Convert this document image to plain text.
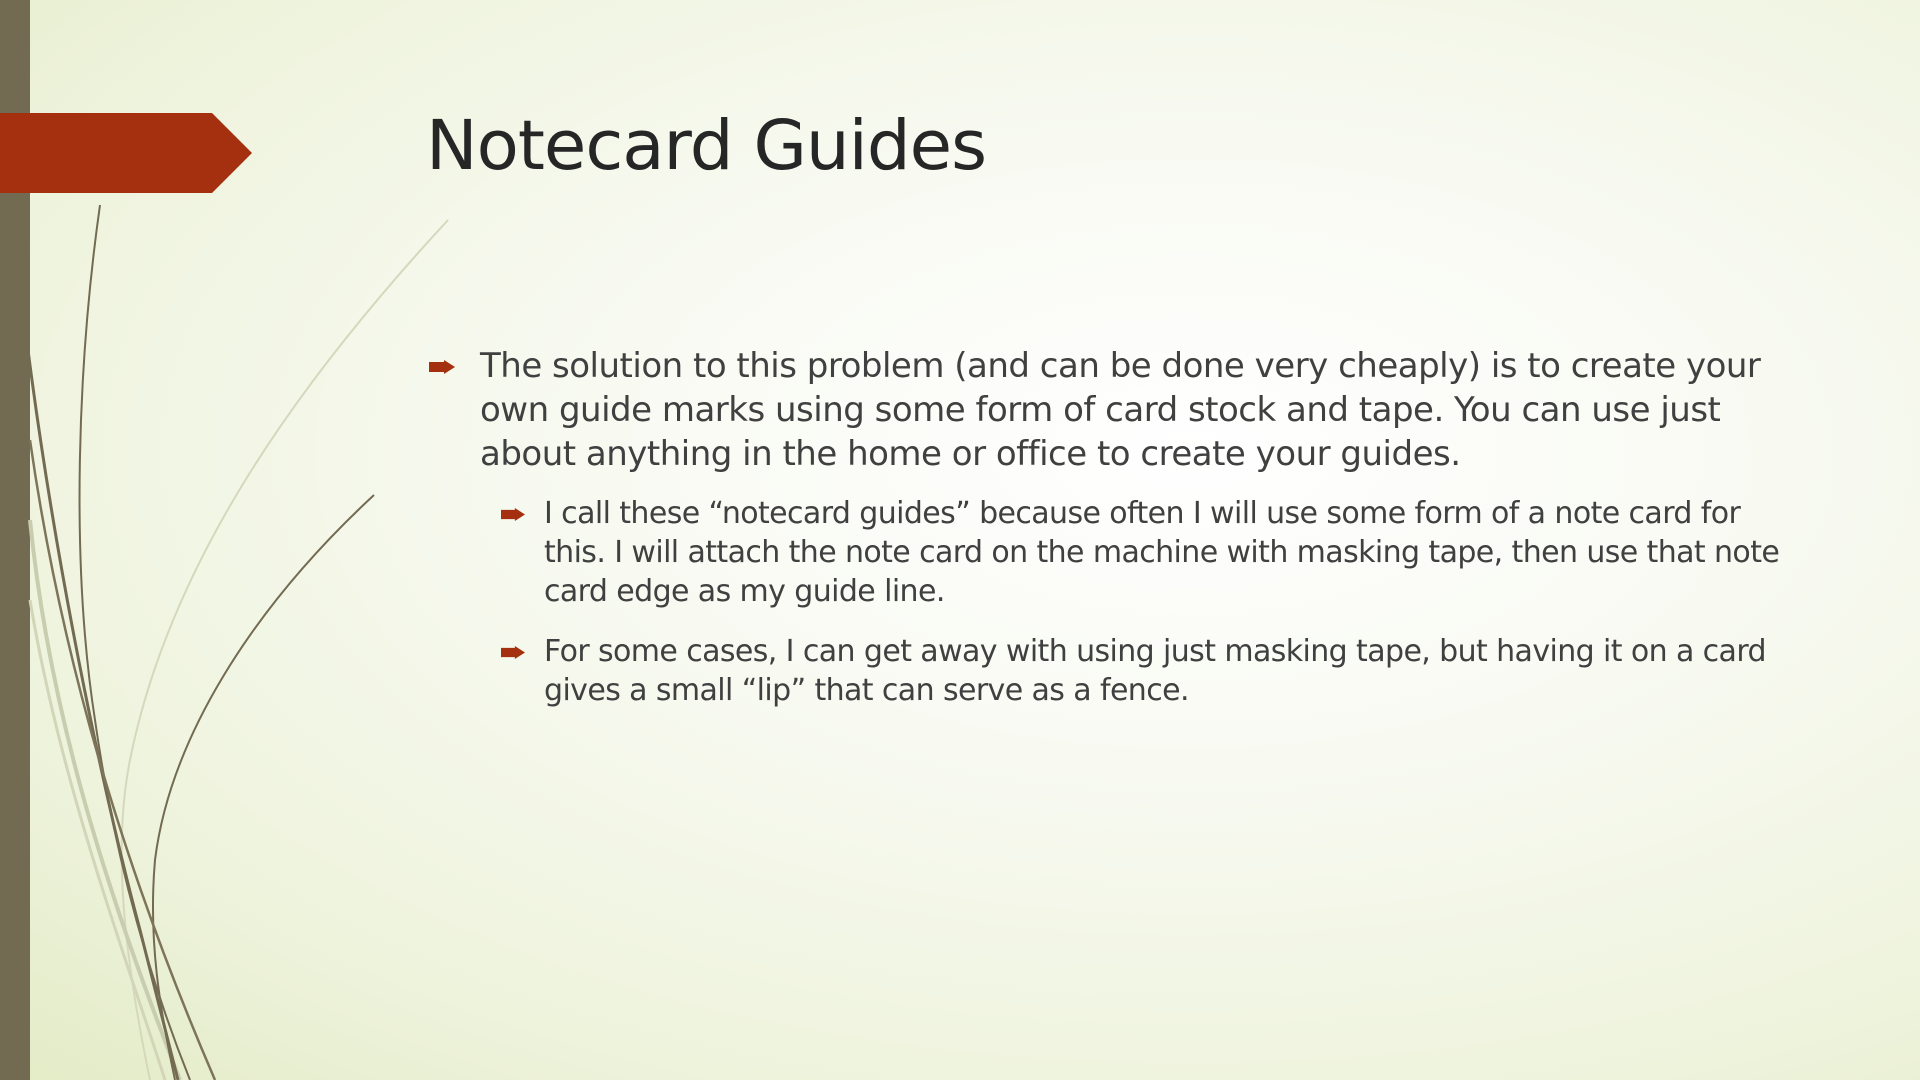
Notecard Guides
The solution to this problem (and can be done very cheaply) is to create your own guide marks using some form of card stock and tape. You can use just about anything in the home or office to create your guides.
I call these “notecard guides” because often I will use some form of a note card for this. I will attach the note card on the machine with masking tape, then use that note card edge as my guide line.
For some cases, I can get away with using just masking tape, but having it on a card gives a small “lip” that can serve as a fence.
